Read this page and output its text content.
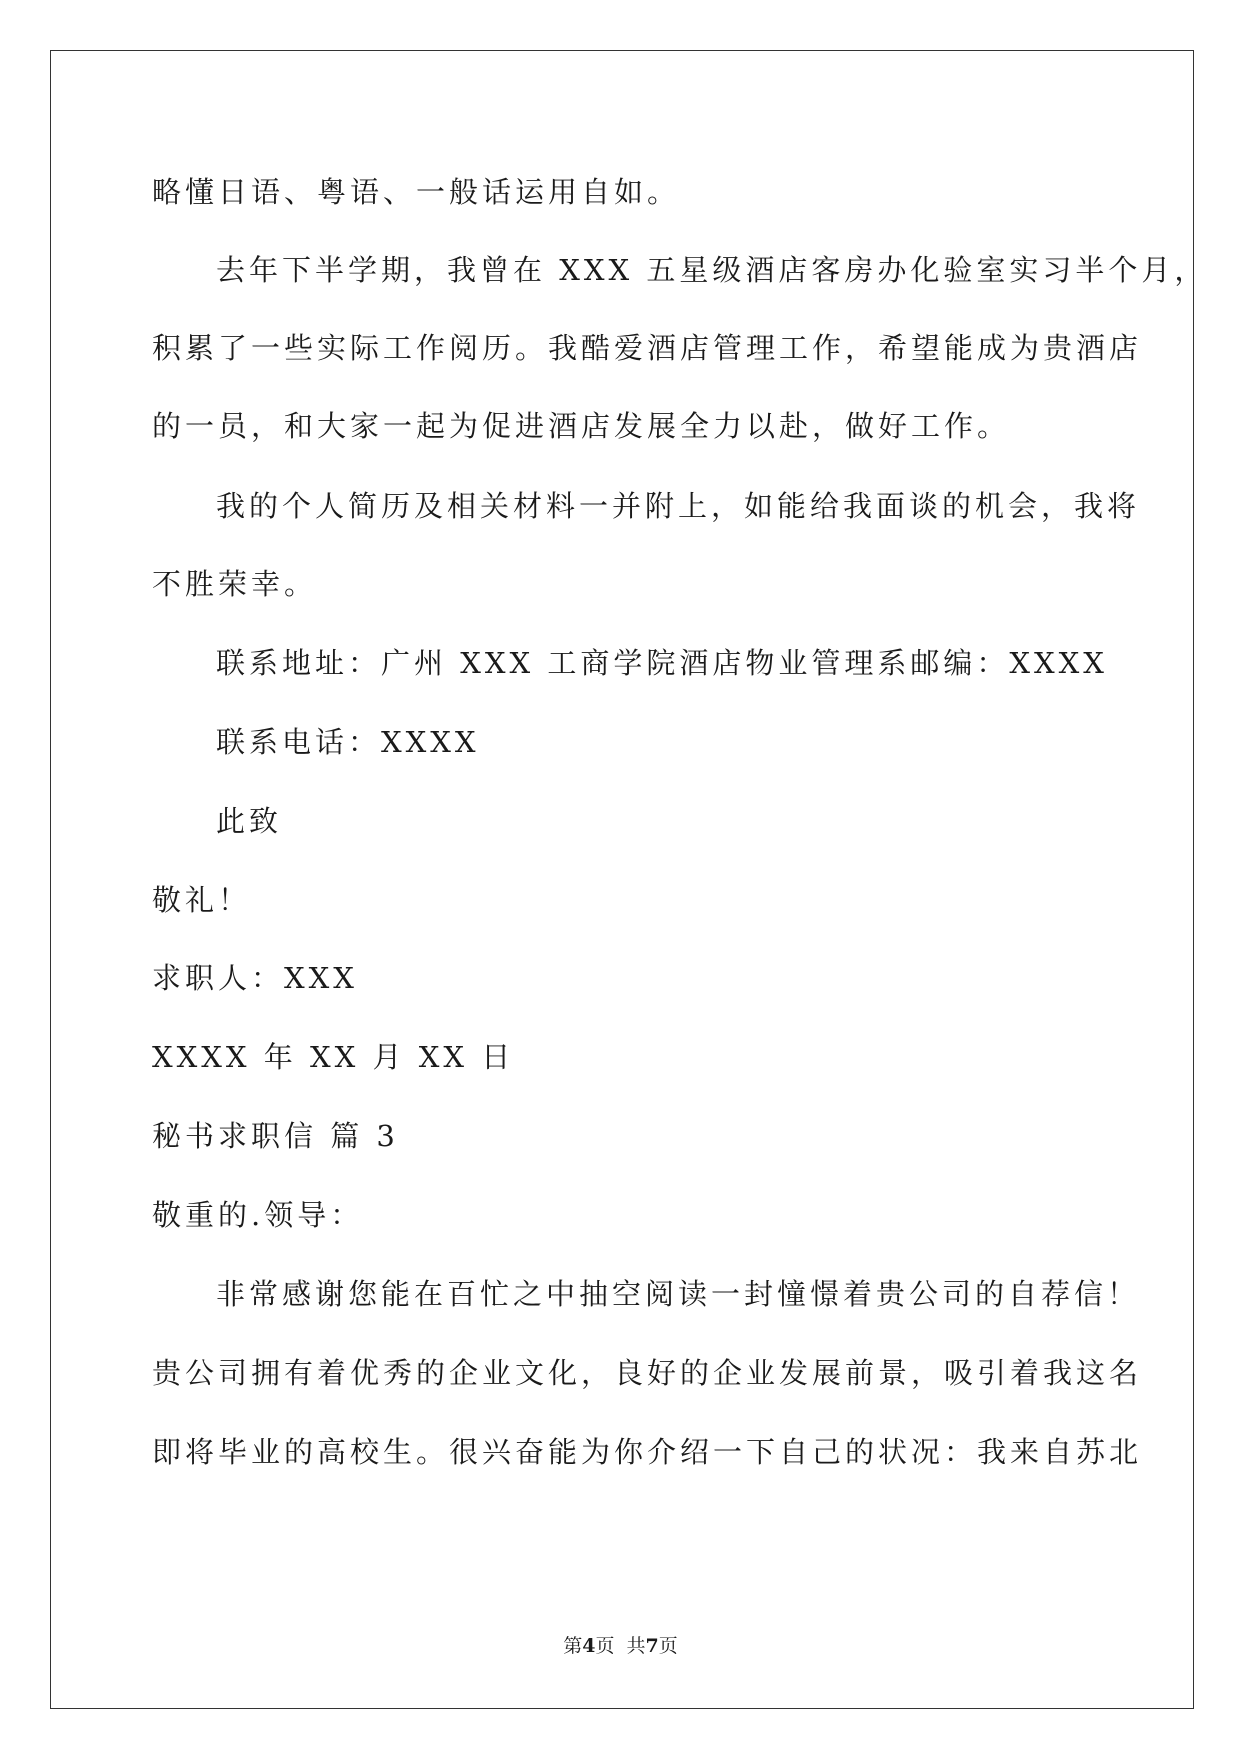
略懂日语、粤语、一般话运用自如。
去年下半学期，我曾在 XXX 五星级酒店客房办化验室实习半个月，
积累了一些实际工作阅历。我酷爱酒店管理工作，希望能成为贵酒店
的一员，和大家一起为促进酒店发展全力以赴，做好工作。
我的个人简历及相关材料一并附上，如能给我面谈的机会，我将
不胜荣幸。
联系地址：广州 XXX 工商学院酒店物业管理系邮编：XXXX
联系电话：XXXX
此致
敬礼！
求职人：XXX
XXXX 年 XX 月 XX 日
秘书求职信 篇 3
敬重的.领导：
非常感谢您能在百忙之中抽空阅读一封憧憬着贵公司的自荐信！
贵公司拥有着优秀的企业文化，良好的企业发展前景，吸引着我这名
即将毕业的高校生。很兴奋能为你介绍一下自己的状况：我来自苏北
第4页  共7页
